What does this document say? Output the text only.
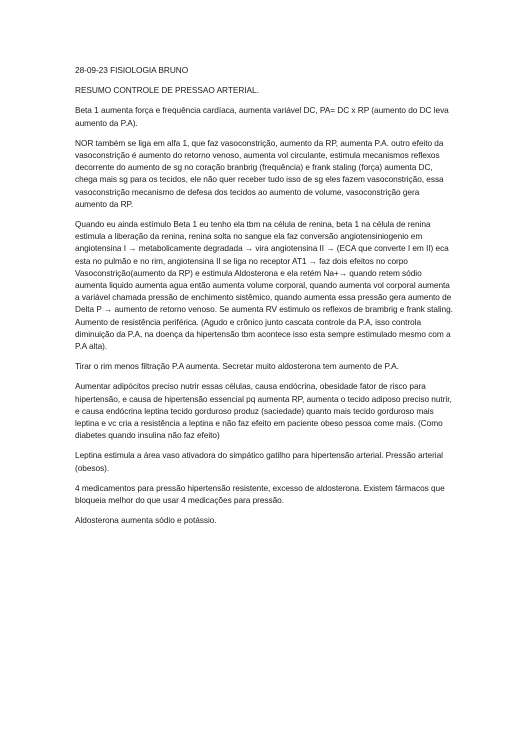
28-09-23 FISIOLOGIA BRUNO

RESUMO CONTROLE DE PRESSAO ARTERIAL.

Beta 1 aumenta força e frequência cardíaca, aumenta variável DC, PA= DC x RP (aumento do DC leva aumento da P.A).

NOR também se liga em alfa 1, que faz vasoconstrição, aumento da RP, aumenta P.A. outro efeito da vasoconstrição é aumento do retorno venoso, aumenta vol circulante, estimula mecanismos reflexos decorrente do aumento de sg no coração branbrig (frequência) e frank staling (força) aumenta DC, chega mais sg para os tecidos, ele não quer receber tudo isso de sg eles fazem vasoconstrição, essa vasoconstrição mecanismo de defesa dos tecidos ao aumento de volume, vasoconstrição gera aumento da RP.

Quando eu ainda estímulo Beta 1 eu tenho ela tbm na célula de renina, beta 1 na célula de renina estimula a liberação da renina, renina solta no sangue ela faz conversão angiotensiniogenio em angiotensina I → metabolicamente degradada → vira angiotensina II → (ECA que converte I em II) eca esta no pulmão e no rim, angiotensina II se liga no receptor AT1 → faz dois efeitos no corpo Vasoconstrição(aumento da RP) e estimula Aldosterona e ela retém Na+→ quando retem sódio aumenta liquido aumenta agua então aumenta volume corporal, quando aumenta vol corporal aumenta a variável chamada pressão de enchimento sistêmico, quando aumenta essa pressão gera aumento de Delta P → aumento de retorno venoso. Se aumenta RV estimulo os reflexos de brambrig e frank staling. Aumento de resistência periférica. (Agudo e crônico junto cascata controle da P.A, isso controla diminuição da P.A, na doença da hipertensão tbm acontece isso esta sempre estimulado mesmo com a P.A alta).

Tirar o rim menos filtração P.A aumenta. Secretar muito aldosterona tem aumento de P.A.

Aumentar adipócitos preciso nutrir essas células, causa endócrina, obesidade fator de risco para hipertensão, e causa de hipertensão essencial pq aumenta RP, aumenta o tecido adiposo preciso nutrir, e causa endócrina leptina tecido gorduroso produz (saciedade) quanto mais tecido gorduroso mais leptina e vc cria a resistência a leptina e não faz efeito em paciente obeso pessoa come mais. (Como diabetes quando insulina não faz efeito)

Leptina estimula a área vaso ativadora do simpático gatilho para hipertensão arterial. Pressão arterial (obesos).

4 medicamentos para pressão hipertensão resistente, excesso de aldosterona. Existem fármacos que bloqueia melhor do que usar 4 medicações para pressão.

Aldosterona aumenta sódio e potássio.
